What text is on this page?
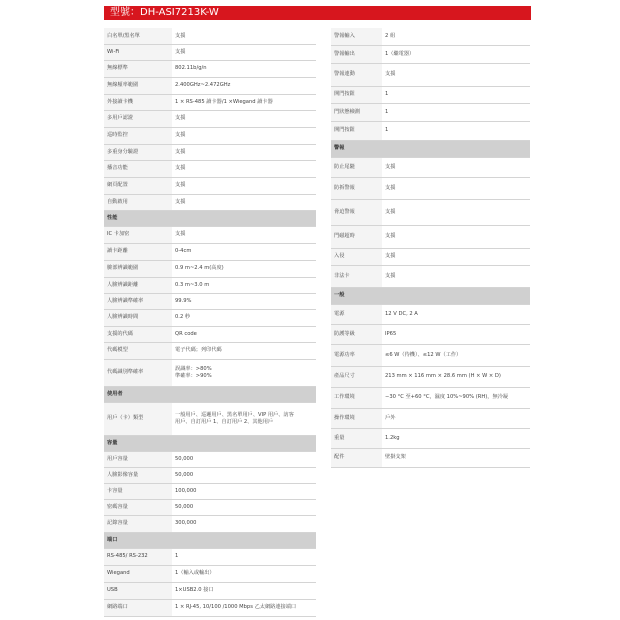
型號：DH-ASI7213K-W
白名單/黑名單	支援
Wi-Fi	支援
無線標準	802.11b/g/n
無線頻率範圍	2.400GHz~2.472GHz
外接讀卡機	1 × RS-485 讀卡器/1 ×Wiegand 讀卡器
多用戶認證	支援
巡時監控	支援
多重身分驗證	支援
播音功能	支援
網頁配置	支援
自動啟用	支援
性能	
IC 卡加密	支援
讀卡距離	0-4cm
臉部辨識範圍	0.9 m~2.4 m(高度)
人臉辨識距離	0.3 m~3.0 m
人臉辨識準確率	99.9%
人臉辨識時間	0.2 秒
支援的代碼	QR code
代碼模型	電子代碼；列印代碼
代碼識別準確率	誤識率：>80%
準確率：>90%

使用者	
用戶（卡）類型	一般用戶、巡邏用戶、黑名單用戶、VIP 用戶、訪客
用戶、自訂用戶 1、自訂用戶 2、其他用戶

容量	
用戶容量	50,000
人臉影像容量	50,000
卡容量	100,000
密碼容量	50,000
記錄容量	300,000
端口	
RS-485/ RS-232	1
Wiegand	1（輸入或輸出）
USB	1×USB2.0 接口
網路端口	1 × RJ-45, 10/100 /1000 Mbps 乙太網路連接端口
警報輸入	2 組
警報輸出	1（繼電器）
警報連動	支援
開門按鈕	1
門狀態檢測	1
開門按鈕	1
警報	
防止尾隨	支援
防拆警報	支援
脅迫警報	支援
門磁超時	支援
入侵	支援
非法卡	支援
一般	
電源	12 V DC, 2 A
防護等級	IP65
電源功率	≤6 W（待機）、≤12 W（工作）
產品尺寸	213 mm × 116 mm × 28.6 mm (H × W × D)
工作環境	−30 °C 至+60 °C，濕度 10%~90% (RH)，無冷凝
操作環境	戶外
重量	1.2kg
配件	壁掛支架
